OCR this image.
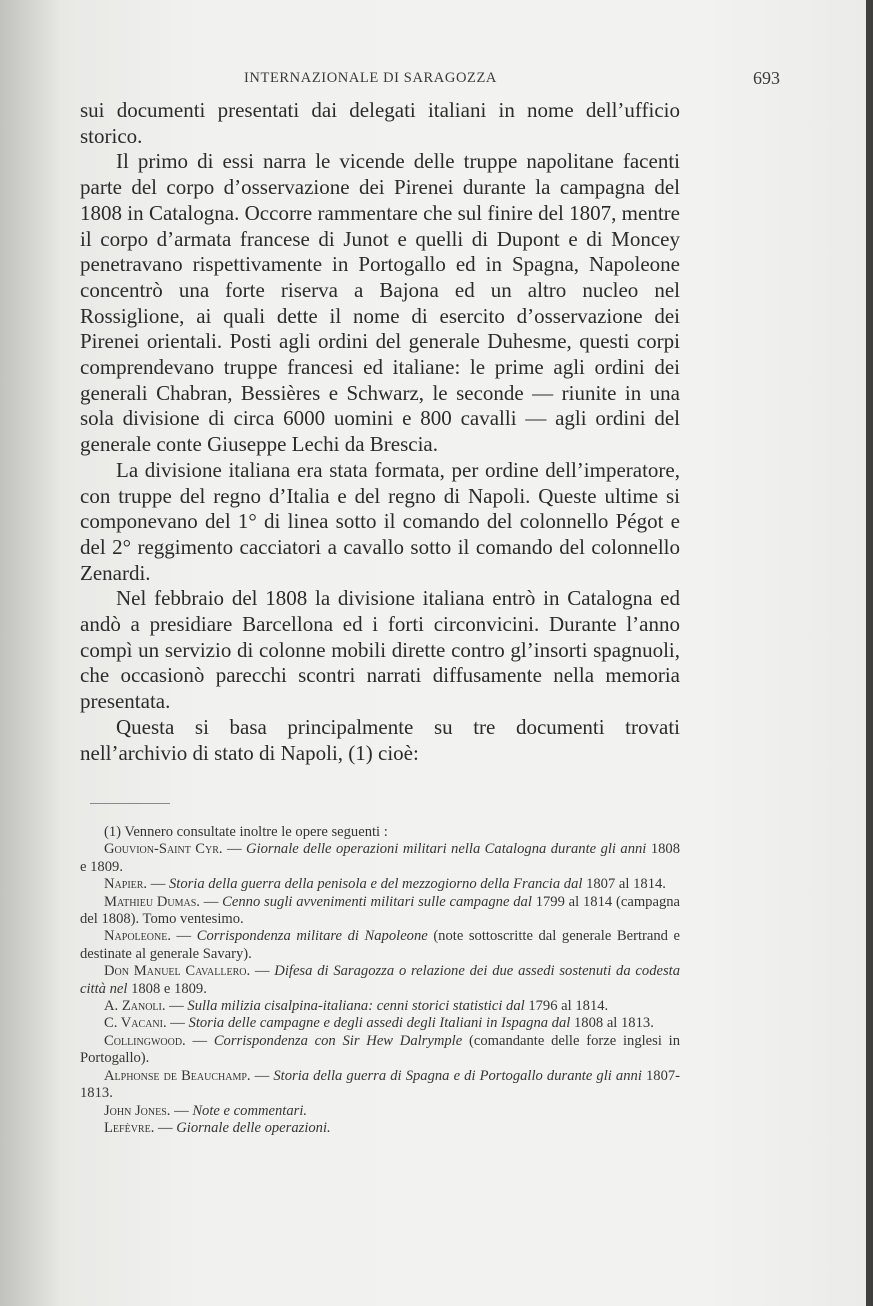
INTERNAZIONALE DI SARAGOZZA	693

sui documenti presentati dai delegati italiani in nome dell’ufficio storico.

Il primo di essi narra le vicende delle truppe napolitane facenti parte del corpo d’osservazione dei Pirenei durante la campagna del 1808 in Catalogna. Occorre rammentare che sul finire del 1807, mentre il corpo d’armata francese di Junot e quelli di Dupont e di Moncey penetravano rispettivamente in Portogallo ed in Spagna, Napoleone concentrò una forte riserva a Bajona ed un altro nucleo nel Rossiglione, ai quali dette il nome di esercito d’osservazione dei Pirenei orientali. Posti agli ordini del generale Duhesme, questi corpi comprendevano truppe francesi ed italiane: le prime agli ordini dei generali Chabran, Bessières e Schwarz, le seconde — riunite in una sola divisione di circa 6000 uomini e 800 cavalli — agli ordini del generale conte Giuseppe Lechi da Brescia.

La divisione italiana era stata formata, per ordine dell’imperatore, con truppe del regno d’Italia e del regno di Napoli. Queste ultime si componevano del 1° di linea sotto il comando del colonnello Pégot e del 2° reggimento cacciatori a cavallo sotto il comando del colonnello Zenardi.

Nel febbraio del 1808 la divisione italiana entrò in Catalogna ed andò a presidiare Barcellona ed i forti circonvicini. Durante l’anno compì un servizio di colonne mobili dirette contro gl’insorti spagnuoli, che occasionò parecchi scontri narrati diffusamente nella memoria presentata.

Questa si basa principalmente su tre documenti trovati nell’archivio di stato di Napoli, (1) cioè:

(1) Vennero consultate inoltre le opere seguenti :

Gouvion-Saint Cyr. — Giornale delle operazioni militari nella Catalogna durante gli anni 1808 e 1809.

Napier. — Storia della guerra della penisola e del mezzogiorno della Francia dal 1807 al 1814.

Mathieu Dumas. — Cenno sugli avvenimenti militari sulle campagne dal 1799 al 1814 (campagna del 1808). Tomo ventesimo.

Napoleone. — Corrispondenza militare di Napoleone (note sottoscritte dal generale Bertrand e destinate al generale Savary).

Don Manuel Cavallero. — Difesa di Saragozza o relazione dei due assedi sostenuti da codesta città nel 1808 e 1809.

A. Zanoli. — Sulla milizia cisalpina-italiana: cenni storici statistici dal 1796 al 1814.

C. Vacani. — Storia delle campagne e degli assedi degli Italiani in Ispagna dal 1808 al 1813.

Collingwood. — Corrispondenza con Sir Hew Dalrymple (comandante delle forze inglesi in Portogallo).

Alphonse de Beauchamp. — Storia della guerra di Spagna e di Portogallo durante gli anni 1807-1813.

John Jones. — Note e commentari.

Lefèvre. — Giornale delle operazioni.
